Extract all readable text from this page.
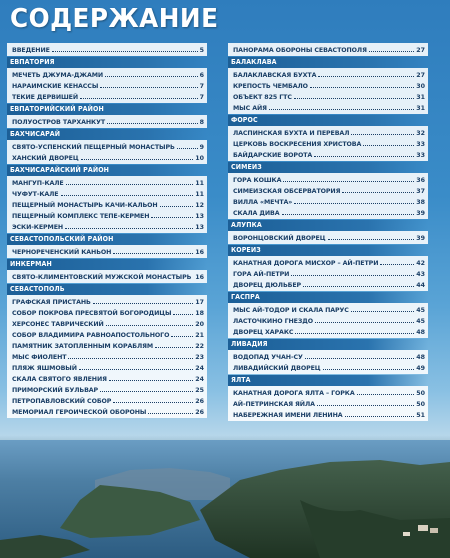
СОДЕРЖАНИЕ
ВВЕДЕНИЕ	5
ЕВПАТОРИЯ
МЕЧЕТЬ ДЖУМА-ДЖАМИ	6
НАРАИМСКИЕ КЕНАССЫ	7
ТЕКИЕ ДЕРВИШЕЙ	7
ЕВПАТОРИЙСКИЙ РАЙОН
ПОЛУОСТРОВ ТАРХАНКУТ	8
БАХЧИСАРАЙ
СВЯТО-УСПЕНСКИЙ ПЕЩЕРНЫЙ МОНАСТЫРЬ	9
ХАНСКИЙ ДВОРЕЦ	10
БАХЧИСАРАЙСКИЙ РАЙОН
МАНГУП-КАЛЕ	11
ЧУФУТ-КАЛЕ	11
ПЕЩЕРНЫЙ МОНАСТЫРЬ КАЧИ-КАЛЬОН	12
ПЕЩЕРНЫЙ КОМПЛЕКС ТЕПЕ-КЕРМЕН	13
ЭСКИ-КЕРМЕН	13
СЕВАСТОПОЛЬСКИЙ РАЙОН
ЧЕРНОРЕЧЕНСКИЙ КАНЬОН	16
ИНКЕРМАН
СВЯТО-КЛИМЕНТОВСКИЙ МУЖСКОЙ МОНАСТЫРЬ 16
СЕВАСТОПОЛЬ
ГРАФСКАЯ ПРИСТАНЬ	17
СОБОР ПОКРОВА ПРЕСВЯТОЙ БОГОРОДИЦЫ	18
ХЕРСОНЕС ТАВРИЧЕСКИЙ	20
СОБОР ВЛАДИМИРА РАВНОАПОСТОЛЬНОГО	21
ПАМЯТНИК ЗАТОПЛЕННЫМ КОРАБЛЯМ	22
МЫС ФИОЛЕНТ	23
ПЛЯЖ ЯШМОВЫЙ	24
СКАЛА СВЯТОГО ЯВЛЕНИЯ	24
ПРИМОРСКИЙ БУЛЬВАР	25
ПЕТРОПАВЛОВСКИЙ СОБОР	26
МЕМОРИАЛ ГЕРОИЧЕСКОЙ ОБОРОНЫ	26
ПАНОРАМА ОБОРОНЫ СЕВАСТОПОЛЯ	27
БАЛАКЛАВА
БАЛАКЛАВСКАЯ БУХТА	27
КРЕПОСТЬ ЧЕМБАЛО	30
ОБЪЕКТ 825 ГТС	31
МЫС АЙЯ	31
ФОРОС
ЛАСПИНСКАЯ БУХТА И ПЕРЕВАЛ	32
ЦЕРКОВЬ ВОСКРЕСЕНИЯ ХРИСТОВА	33
БАЙДАРСКИЕ ВОРОТА	33
СИМЕИЗ
ГОРА КОШКА	36
СИМЕИЗСКАЯ ОБСЕРВАТОРИЯ	37
ВИЛЛА «МЕЧТА»	38
СКАЛА ДИВА	39
АЛУПКА
ВОРОНЦОВСКИЙ ДВОРЕЦ	39
КОРЕИЗ
КАНАТНАЯ ДОРОГА МИСХОР – АЙ-ПЕТРИ	42
ГОРА АЙ-ПЕТРИ	43
ДВОРЕЦ ДЮЛЬБЕР	44
ГАСПРА
МЫС АЙ-ТОДОР И СКАЛА ПАРУС	45
ЛАСТОЧКИНО ГНЕЗДО	45
ДВОРЕЦ ХАРАКС	48
ЛИВАДИЯ
ВОДОПАД УЧАН-СУ	48
ЛИВАДИЙСКИЙ ДВОРЕЦ	49
ЯЛТА
КАНАТНАЯ ДОРОГА ЯЛТА – ГОРКА	50
АЙ-ПЕТРИНСКАЯ ЯЙЛА	50
НАБЕРЕЖНАЯ ИМЕНИ ЛЕНИНА	51
